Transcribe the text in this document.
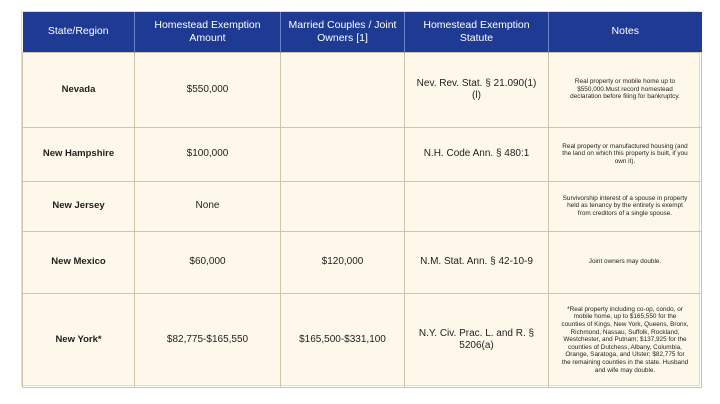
State/Region	Homestead Exemption Amount	Married Couples / Joint Owners [1]	Homestead Exemption Statute	Notes
Nevada	$550,000		Nev. Rev. Stat. § 21.090(1)(l)	Real property or mobile home up to $550,000.Must record homestead declaration before filing for bankruptcy.
New Hampshire	$100,000		N.H. Code Ann. § 480:1	Real property or manufactured housing (and the land on which this property is built, if you own it).
New Jersey	None			Survivorship interest of a spouse in property held as tenancy by the entirety is exempt from creditors of a single spouse.
New Mexico	$60,000	$120,000	N.M. Stat. Ann. § 42-10-9	Joint owners may double.
New York*	$82,775-$165,550	$165,500-$331,100	N.Y. Civ. Prac. L. and R. § 5206(a)	*Real property including co-op, condo, or mobile home, up to $165,550 for the counties of Kings, New York, Queens, Bronx, Richmond, Nassau, Suffolk, Rockland, Westchester, and Putnam; $137,925 for the counties of Dutchess, Albany, Columbia, Orange, Saratoga, and Ulster; $82,775 for the remaining counties in the state. Husband and wife may double.
